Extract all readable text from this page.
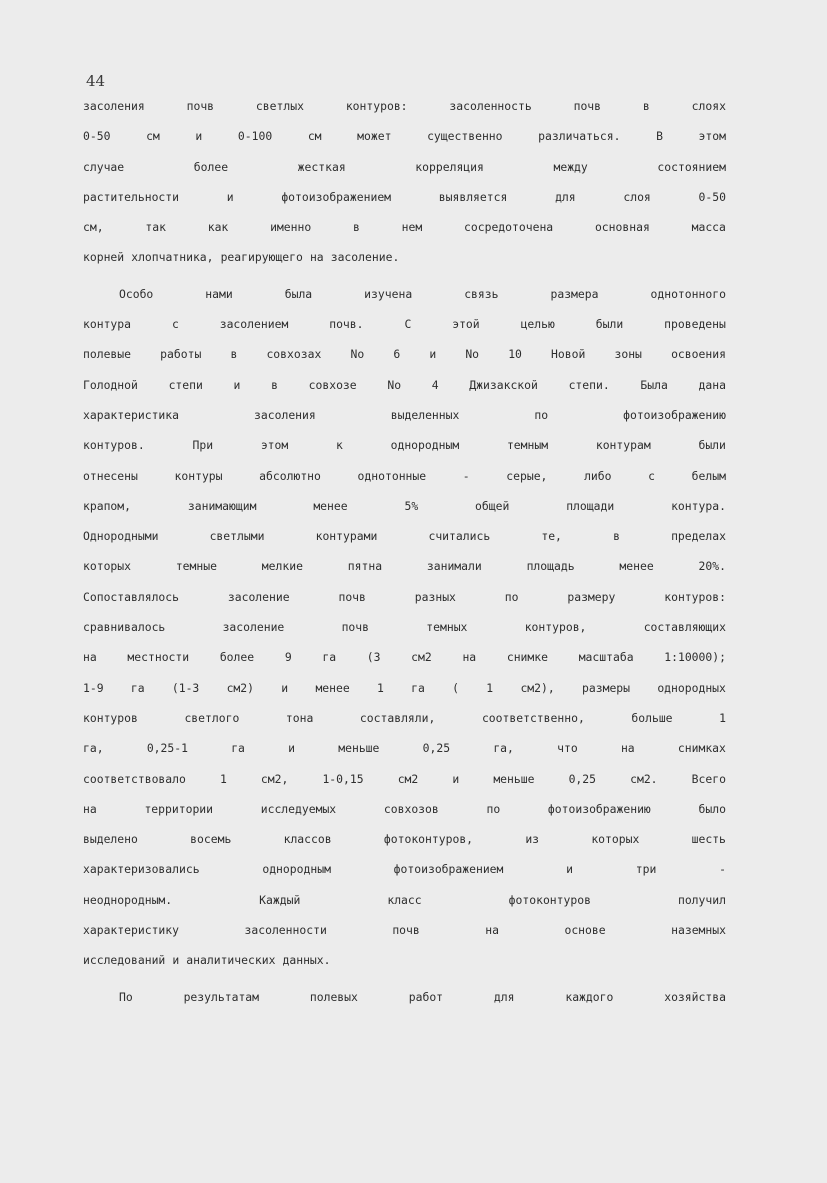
44
засоления	почв	светлых	контуров:	засоленность	почв	в	слоях
0-50	см	и	0-100	см	может	существенно	различаться.	В	этом
случае	более	жесткая	корреляция	между	состоянием
растительности	и	фотоизображением	выявляется	для	слоя	0-50
см,	так	как	именно	в	нем	сосредоточена	основная	масса
корней хлопчатника, реагирующего на засоление.
Особо	нами	была	изучена	связь	размера	однотонного
контура	с	засолением	почв.	С	этой	целью	были	проведены
полевые	работы	в	совхозах	No	6	и	No	10	Новой	зоны	освоения
Голодной	степи	и	в	совхозе	No	4	Джизакской	степи.	Была	дана
характеристика	засоления	выделенных	по	фотоизображению
контуров.	При	этом	к	однородным	темным	контурам	были
отнесены	контуры	абсолютно	однотонные	-	серые,	либо	с	белым
крапом,	занимающим	менее	5%	общей	площади	контура.
Однородными	светлыми	контурами	считались	те,	в	пределах
которых	темные	мелкие	пятна	занимали	площадь	менее	20%.
Сопоставлялось	засоление	почв	разных	по	размеру	контуров:
сравнивалось	засоление	почв	темных	контуров,	составляющих
на	местности	более	9	га	(3	см2	на	снимке	масштаба	1:10000);
1-9 га (1-3 см2) и менее 1 га ( 1 см2), размеры однородных
контуров	светлого	тона	составляли,	соответственно,	больше	1
га,	0,25-1	га	и	меньше	0,25	га,	что	на	снимках
соответствовало	1	см2,	1-0,15	см2	и	меньше	0,25	см2.	Всего
на	территории	исследуемых	совхозов	по	фотоизображению	было
выделено	восемь	классов	фотоконтуров,	из	которых	шесть
характеризовались	однородным	фотоизображением	и	три	-
неоднородным.	Каждый	класс	фотоконтуров	получил
характеристику	засоленности	почв	на	основе	наземных
исследований и аналитических данных.
По	результатам	полевых	работ	для	каждого	хозяйства
